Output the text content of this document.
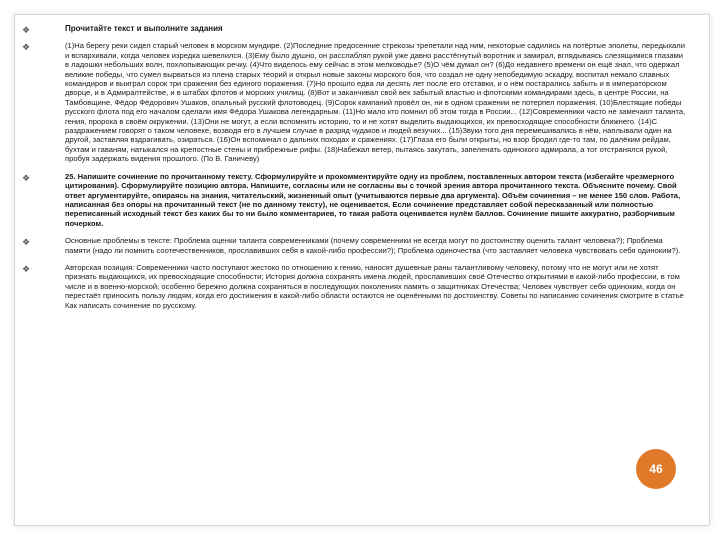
❖	Прочитайте текст и выполните задания

❖	(1)На берегу реки сидел старый человек в морском мундире. (2)Последние предосенние стрекозы трепетали над ним, некоторые садились на потёртые эполеты, передыхали и вспархивали, когда человек изредка шевелился. (3)Ему было душно, он расслаблял рукой уже давно расстёгнутый воротник и замирал, вглядываясь слезящимися глазами в ладошки небольших волн, похлопывающих речку. (4)Что виделось ему сейчас в этом мелководье? (5)О чём думал он? (6)До недавнего времени он ещё знал, что одержал великие победы, что сумел вырваться из плена старых теорий и открыл новые законы морского боя, что создал не одну непобедимую эскадру, воспитал немало славных командиров и выиграл сорок три сражения без единого поражения. (7)Но прошло едва ли десять лет после его отставки, и о нём постарались забыть и в императорском дворце, и в Адмиралтействе, и в штабах флотов и морских училищ. (8)Вот и заканчивал свой век забытый властью и флотскими командирами здесь, в центре России, на Тамбовщине, Фёдор Фёдорович Ушаков, опальный русский флотоводец. (9)Сорок кампаний провёл он, ни в одном сражении не потерпел поражения. (10)Блестящие победы русского флота под его началом сделали имя Фёдора Ушакова легендарным. (11)Но мало кто помнил об этом тогда в России... (12)Современники часто не замечают таланта, гения, пророка в своём окружении. (13)Они не могут, а если вспомнить историю, то и не хотят выделить выдающихся, их превосходящие способности ближнего. (14)С раздражением говорят о таком человеке, возводя его в лучшем случае в разряд чудаков и людей везучих... (15)Звуки того дня перемешивались в нём, наплывали один на другой, заставляя вздрагивать, озираться. (16)Он вспоминал о дальних походах и сражениях. (17)Глаза его были открыты, но взор бродил где-то там, по далёким рейдам, бухтам и гаваням, натыкался на крепостные стены и прибрежные рифы. (18)Набежал ветер, пытаясь закутать, запеленать одинокого адмирала, а тот отстранялся рукой, пробуя задержать видения прошлого. (По В. Ганичеву)

❖	25. Напишите сочинение по прочитанному тексту. Сформулируйте и прокомментируйте одну из проблем, поставленных автором текста (избегайте чрезмерного цитирования). Сформулируйте позицию автора. Напишите, согласны или не согласны вы с точкой зрения автора прочитанного текста. Объясните почему. Свой ответ аргументируйте, опираясь на знания, читательский, жизненный опыт (учитываются первые два аргумента). Объём сочинения – не менее 150 слов. Работа, написанная без опоры на прочитанный текст (не по данному тексту), не оценивается. Если сочинение представляет собой пересказанный или полностью переписанный исходный текст без каких бы то ни было комментариев, то такая работа оценивается нулём баллов. Сочинение пишите аккуратно, разборчивым почерком.

❖	Основные проблемы в тексте: Проблема оценки таланта современниками (почему современники не всегда могут по достоинству оценить талант человека?); Проблема памяти (надо ли помнить соотечественников, прославивших себя в какой-либо профессии?); Проблема одиночества (что заставляет человека чувствовать себя одиноким?).

❖	Авторская позиция: Современники часто поступают жестоко по отношению к гению, наносят душевные раны талантливому человеку, потому что не могут или не хотят признать выдающихся, их превосходящие способности; История должна сохранять имена людей, прославивших своё Отечество открытиями в какой-либо профессии, в том числе и в военно-морской; особенно бережно должна сохраняться в последующих поколениях память о защитниках Отечества; Человек чувствует себя одиноким, когда он перестаёт приносить пользу людям, когда его достижения в какой-либо области остаются не оценёнными по достоинству. Советы по написанию сочинения смотрите в статье Как написать сочинение по русскому.

46
